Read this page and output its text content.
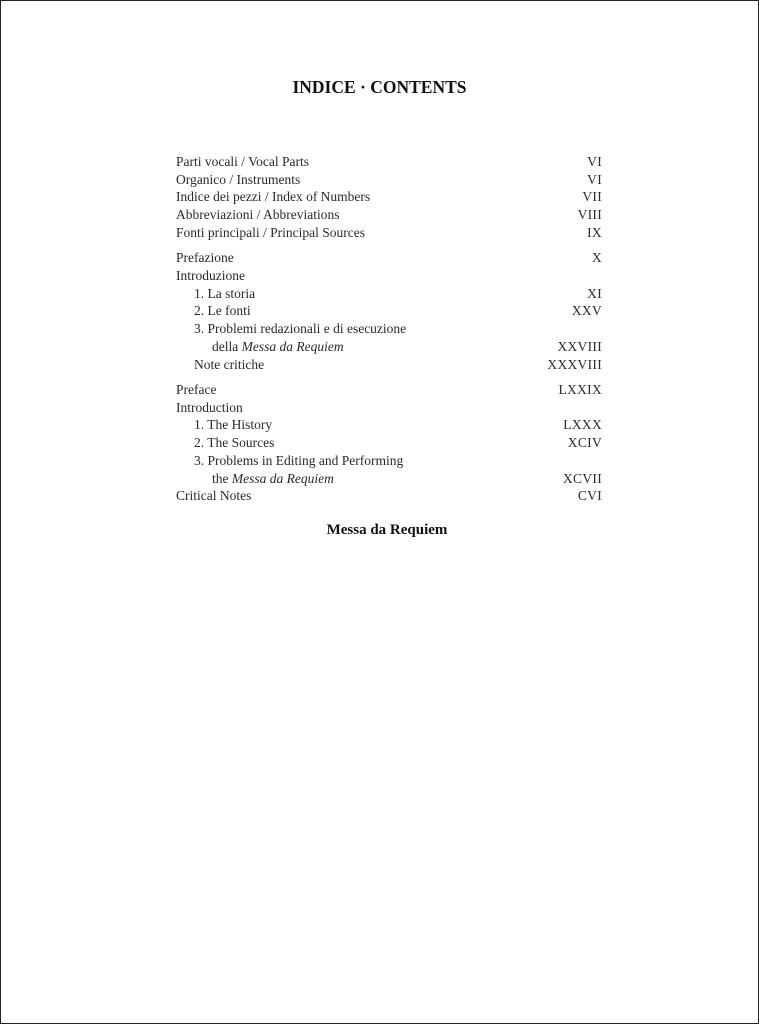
INDICE · CONTENTS
Parti vocali / Vocal Parts	VI
Organico / Instruments	VI
Indice dei pezzi / Index of Numbers	VII
Abbreviazioni / Abbreviations	VIII
Fonti principali / Principal Sources	IX
Prefazione	X
Introduzione
1. La storia	XI
2. Le fonti	XXV
3. Problemi redazionali e di esecuzione
della Messa da Requiem	XXVIII
Note critiche	XXXVIII
Preface	LXXIX
Introduction
1. The History	LXXX
2. The Sources	XCIV
3. Problems in Editing and Performing
the Messa da Requiem	XCVII
Critical Notes	CVI
Messa da Requiem
